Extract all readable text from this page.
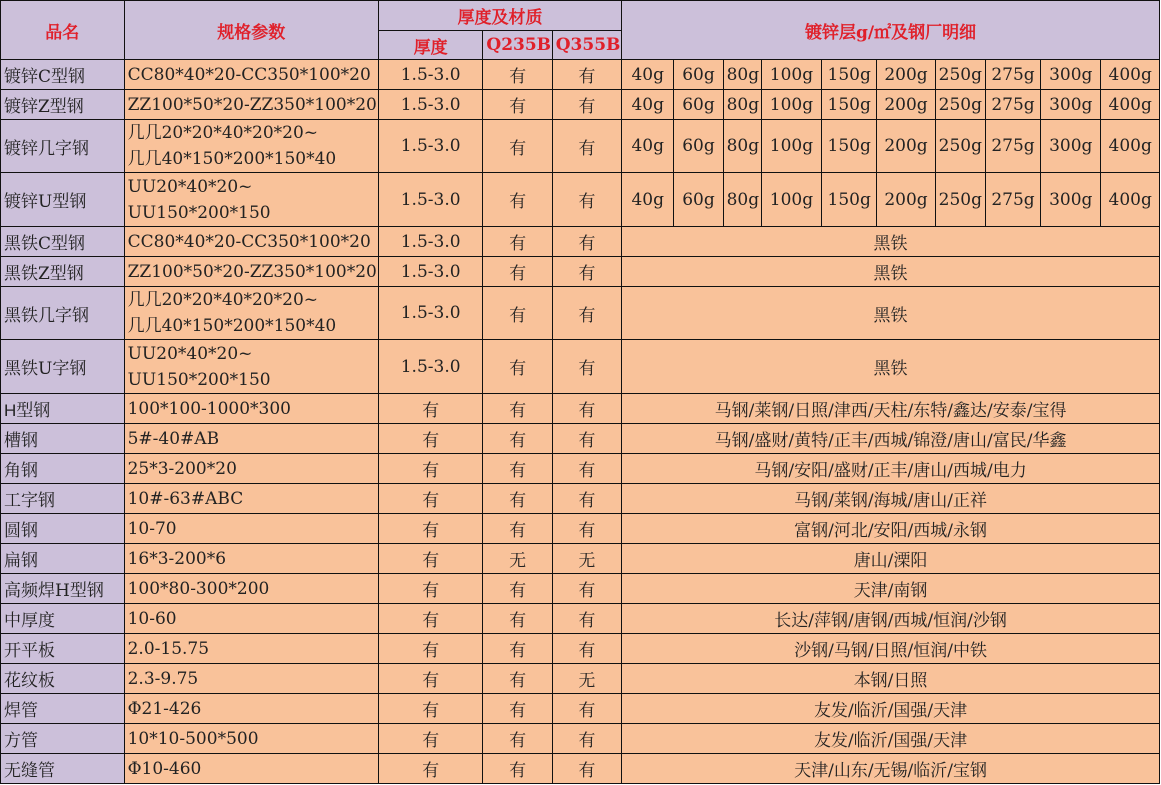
品名	规格参数	厚度及材质			镀锌层g/㎡及钢厂明细									
		厚度	Q235B	Q355B										
镀锌C型钢	CC80*40*20-CC350*100*20	1.5-3.0	有	有	40g	60g	80g	100g	150g	200g	250g	275g	300g	400g
镀锌Z型钢	ZZ100*50*20-ZZ350*100*20	1.5-3.0	有	有	40g	60g	80g	100g	150g	200g	250g	275g	300g	400g
镀锌几字钢	几几20*20*40*20*20~
几几40*150*200*150*40	1.5-3.0	有	有	40g	60g	80g	100g	150g	200g	250g	275g	300g	400g
镀锌U型钢	UU20*40*20~
UU150*200*150	1.5-3.0	有	有	40g	60g	80g	100g	150g	200g	250g	275g	300g	400g
黑铁C型钢	CC80*40*20-CC350*100*20	1.5-3.0	有	有	黑铁									
黑铁Z型钢	ZZ100*50*20-ZZ350*100*20	1.5-3.0	有	有	黑铁									
黑铁几字钢	几几20*20*40*20*20~
几几40*150*200*150*40	1.5-3.0	有	有	黑铁									
黑铁U字钢	UU20*40*20~
UU150*200*150	1.5-3.0	有	有	黑铁									
H型钢	100*100-1000*300	有	有	有	马钢/莱钢/日照/津西/天柱/东特/鑫达/安泰/宝得									
槽钢	5#-40#AB	有	有	有	马钢/盛财/黄特/正丰/西城/锦澄/唐山/富民/华鑫									
角钢	25*3-200*20	有	有	有	马钢/安阳/盛财/正丰/唐山/西城/电力									
工字钢	10#-63#ABC	有	有	有	马钢/莱钢/海城/唐山/正祥									
圆钢	10-70	有	有	有	富钢/河北/安阳/西城/永钢									
扁钢	16*3-200*6	有	无	无	唐山/溧阳									
高频焊H型钢	100*80-300*200	有	有	有	天津/南钢									
中厚度	10-60	有	有	有	长达/萍钢/唐钢/西城/恒润/沙钢									
开平板	2.0-15.75	有	有	有	沙钢/马钢/日照/恒润/中铁									
花纹板	2.3-9.75	有	有	无	本钢/日照									
焊管	Φ21-426	有	有	有	友发/临沂/国强/天津									
方管	10*10-500*500	有	有	有	友发/临沂/国强/天津									
无缝管	Φ10-460	有	有	有	天津/山东/无锡/临沂/宝钢									
